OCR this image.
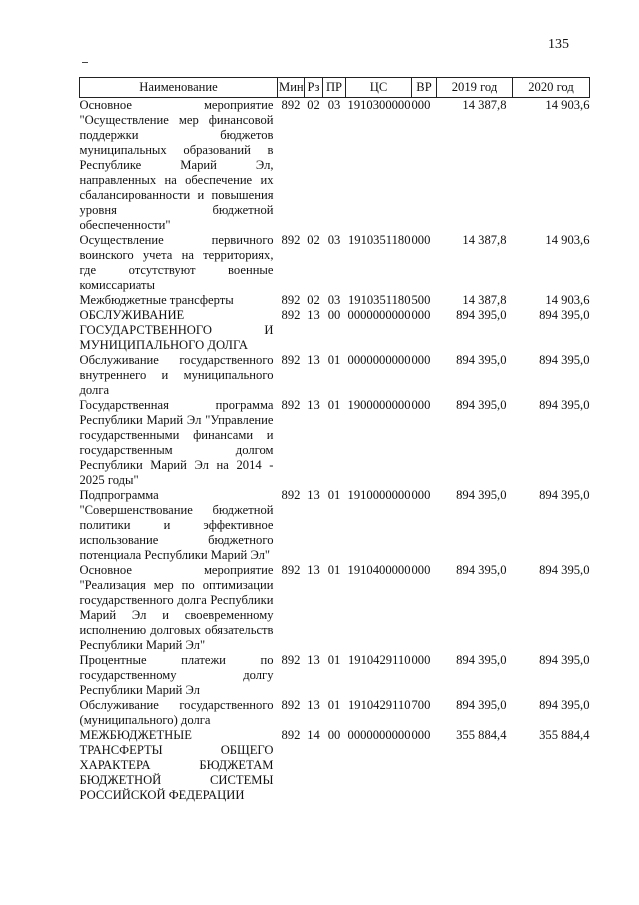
135
Наименование	Мин	Рз	ПР	ЦС	ВР	2019 год	2020 год
Основное мероприятие "Осуществление мер финансовой поддержки бюджетов муниципальных образований в Республике Марий Эл, направленных на обеспечение их сбалансированности и повышения уровня бюджетной обеспеченности"	892	02	03	1910300000	000	14 387,8	14 903,6
Осуществление первичного воинского учета на территориях, где отсутствуют военные комиссариаты	892	02	03	1910351180	000	14 387,8	14 903,6
Межбюджетные трансферты	892	02	03	1910351180	500	14 387,8	14 903,6
ОБСЛУЖИВАНИЕ ГОСУДАРСТВЕННОГО И МУНИЦИПАЛЬНОГО ДОЛГА	892	13	00	0000000000	000	894 395,0	894 395,0
Обслуживание государственного внутреннего и муниципального долга	892	13	01	0000000000	000	894 395,0	894 395,0
Государственная программа Республики Марий Эл "Управление государственными финансами и государственным долгом Республики Марий Эл на 2014 - 2025 годы"	892	13	01	1900000000	000	894 395,0	894 395,0
Подпрограмма "Совершенствование бюджетной политики и эффективное использование бюджетного потенциала Республики Марий Эл"	892	13	01	1910000000	000	894 395,0	894 395,0
Основное мероприятие "Реализация мер по оптимизации государственного долга Республики Марий Эл и своевременному исполнению долговых обязательств Республики Марий Эл"	892	13	01	1910400000	000	894 395,0	894 395,0
Процентные платежи по государственному долгу Республики Марий Эл	892	13	01	1910429110	000	894 395,0	894 395,0
Обслуживание государственного (муниципального) долга	892	13	01	1910429110	700	894 395,0	894 395,0
МЕЖБЮДЖЕТНЫЕ ТРАНСФЕРТЫ ОБЩЕГО ХАРАКТЕРА БЮДЖЕТАМ БЮДЖЕТНОЙ СИСТЕМЫ РОССИЙСКОЙ ФЕДЕРАЦИИ	892	14	00	0000000000	000	355 884,4	355 884,4
